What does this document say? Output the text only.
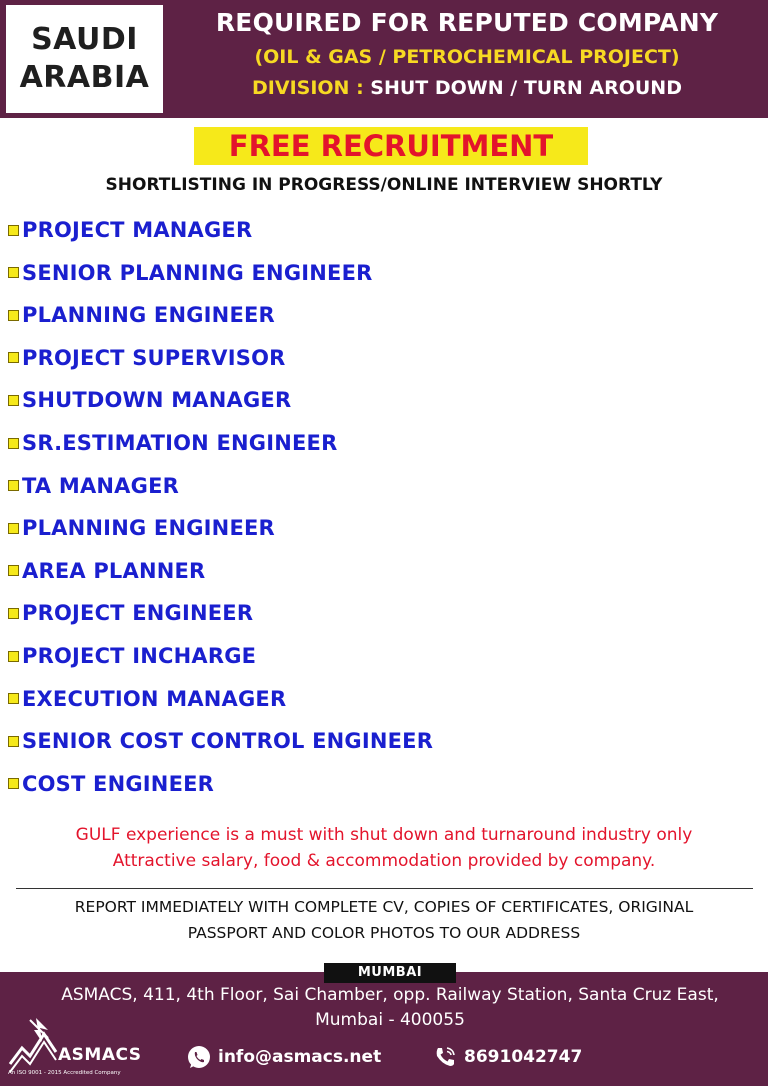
SAUDI
ARABIA
REQUIRED FOR REPUTED COMPANY
(OIL & GAS / PETROCHEMICAL PROJECT)
DIVISION : SHUT DOWN / TURN AROUND
FREE RECRUITMENT
SHORTLISTING IN PROGRESS/ONLINE INTERVIEW SHORTLY
PROJECT MANAGER
SENIOR PLANNING ENGINEER
PLANNING ENGINEER
PROJECT SUPERVISOR
SHUTDOWN MANAGER
SR.ESTIMATION ENGINEER
TA MANAGER
PLANNING ENGINEER
AREA PLANNER
PROJECT ENGINEER
PROJECT INCHARGE
EXECUTION MANAGER
SENIOR COST CONTROL ENGINEER
COST ENGINEER
GULF experience is a must with shut down and turnaround industry only
Attractive salary, food & accommodation provided by company.
REPORT IMMEDIATELY WITH COMPLETE CV, COPIES OF CERTIFICATES, ORIGINAL
PASSPORT AND COLOR PHOTOS TO OUR ADDRESS
MUMBAI
ASMACS, 411, 4th Floor, Sai Chamber, opp. Railway Station, Santa Cruz East,
Mumbai - 400055
ASMACS
An ISO 9001 - 2015 Accredited Company
info@asmacs.net	8691042747
